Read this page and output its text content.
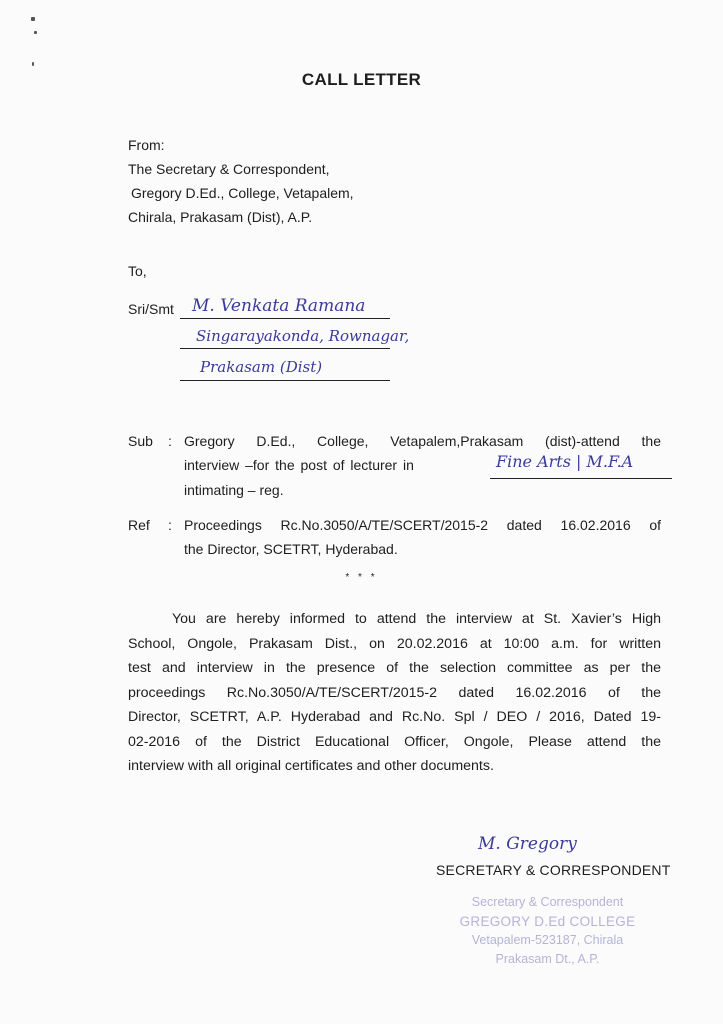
CALL LETTER
From:
The Secretary & Correspondent,
Gregory D.Ed., College, Vetapalem,
Chirala, Prakasam (Dist), A.P.
To,
Sri/Smt M. Venkata Ramana
Singarayakonda, Rownagar,
Prakasam (Dist)
Sub : Gregory D.Ed., College, Vetapalem,Prakasam (dist)-attend the
interview –for the post of lecturer in	Fine Arts | M.F.A
intimating – reg.
Ref : Proceedings Rc.No.3050/A/TE/SCERT/2015-2 dated 16.02.2016 of
the Director, SCETRT, Hyderabad.
* * *
You are hereby informed to attend the interview at St. Xavier’s High
School, Ongole, Prakasam Dist., on 20.02.2016 at 10:00 a.m. for written
test and interview in the presence of the selection committee as per the
proceedings Rc.No.3050/A/TE/SCERT/2015-2 dated 16.02.2016 of the
Director, SCETRT, A.P. Hyderabad and Rc.No. Spl / DEO / 2016, Dated 19-
02-2016 of the District Educational Officer, Ongole, Please attend the
interview with all original certificates and other documents.
M. Gregory
SECRETARY & CORRESPONDENT
Secretary & Correspondent
GREGORY D.Ed COLLEGE
Vetapalem-523187, Chirala
Prakasam Dt., A.P.
